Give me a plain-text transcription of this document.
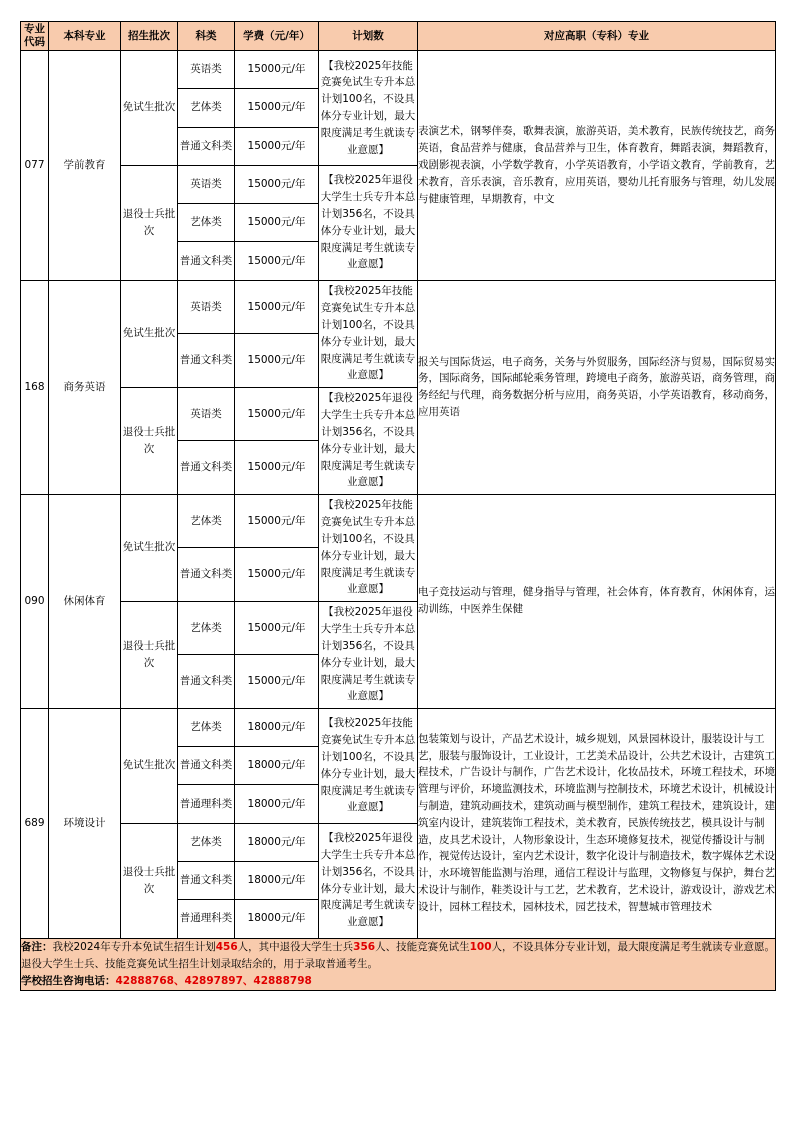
专业代码	本科专业	招生批次	科类	学费（元/年）	计划数	对应高职（专科）专业
077	学前教育	免试生批次	英语类	15000元/年	【我校2025年技能竞赛免试生专升本总计划100名，不设具体分专业计划，最大限度满足考生就读专业意愿】	表演艺术，钢琴伴奏，歌舞表演，旅游英语，美术教育，民族传统技艺，商务英语，食品营养与健康，食品营养与卫生，体育教育，舞蹈表演，舞蹈教育，戏剧影视表演，小学数学教育，小学英语教育，小学语文教育，学前教育，艺术教育，音乐表演，音乐教育，应用英语，婴幼儿托育服务与管理，幼儿发展与健康管理，早期教育，中文
			艺体类	15000元/年		
			普通文科类	15000元/年		
		退役士兵批次	英语类	15000元/年	【我校2025年退役大学生士兵专升本总计划356名，不设具体分专业计划，最大限度满足考生就读专业意愿】	
			艺体类	15000元/年		
			普通文科类	15000元/年		
168	商务英语	免试生批次	英语类	15000元/年	【我校2025年技能竞赛免试生专升本总计划100名，不设具体分专业计划，最大限度满足考生就读专业意愿】	报关与国际货运，电子商务，关务与外贸服务，国际经济与贸易，国际贸易实务，国际商务，国际邮轮乘务管理，跨境电子商务，旅游英语，商务管理，商务经纪与代理，商务数据分析与应用，商务英语，小学英语教育，移动商务，应用英语
			普通文科类	15000元/年		
		退役士兵批次	英语类	15000元/年	【我校2025年退役大学生士兵专升本总计划356名，不设具体分专业计划，最大限度满足考生就读专业意愿】	
			普通文科类	15000元/年		
090	休闲体育	免试生批次	艺体类	15000元/年	【我校2025年技能竞赛免试生专升本总计划100名，不设具体分专业计划，最大限度满足考生就读专业意愿】	电子竞技运动与管理，健身指导与管理，社会体育，体育教育，休闲体育，运动训练，中医养生保健
			普通文科类	15000元/年		
		退役士兵批次	艺体类	15000元/年	【我校2025年退役大学生士兵专升本总计划356名，不设具体分专业计划，最大限度满足考生就读专业意愿】	
			普通文科类	15000元/年		
689	环境设计	免试生批次	艺体类	18000元/年	【我校2025年技能竞赛免试生专升本总计划100名，不设具体分专业计划，最大限度满足考生就读专业意愿】	包装策划与设计，产品艺术设计，城乡规划，风景园林设计，服装设计与工艺，服装与服饰设计，工业设计，工艺美术品设计，公共艺术设计，古建筑工程技术，广告设计与制作，广告艺术设计，化妆品技术，环境工程技术，环境管理与评价，环境监测技术，环境监测与控制技术，环境艺术设计，机械设计与制造，建筑动画技术，建筑动画与模型制作，建筑工程技术，建筑设计，建筑室内设计，建筑装饰工程技术，美术教育，民族传统技艺，模具设计与制造，皮具艺术设计，人物形象设计，生态环境修复技术，视觉传播设计与制作，视觉传达设计，室内艺术设计，数字化设计与制造技术，数字媒体艺术设计，水环境智能监测与治理，通信工程设计与监理，文物修复与保护，舞台艺术设计与制作，鞋类设计与工艺，艺术教育，艺术设计，游戏设计，游戏艺术设计，园林工程技术，园林技术，园艺技术，智慧城市管理技术
			普通文科类	18000元/年		
			普通理科类	18000元/年		
		退役士兵批次	艺体类	18000元/年	【我校2025年退役大学生士兵专升本总计划356名，不设具体分专业计划，最大限度满足考生就读专业意愿】	
			普通文科类	18000元/年		
			普通理科类	18000元/年		

备注：我校2024年专升本免试生招生计划456人，其中退役大学生士兵356人、技能竞赛免试生100人，不设具体分专业计划，最大限度满足考生就读专业意愿。退役大学生士兵、技能竞赛免试生招生计划录取结余的，用于录取普通考生。
学校招生咨询电话：42888768、42897897、42888798						
